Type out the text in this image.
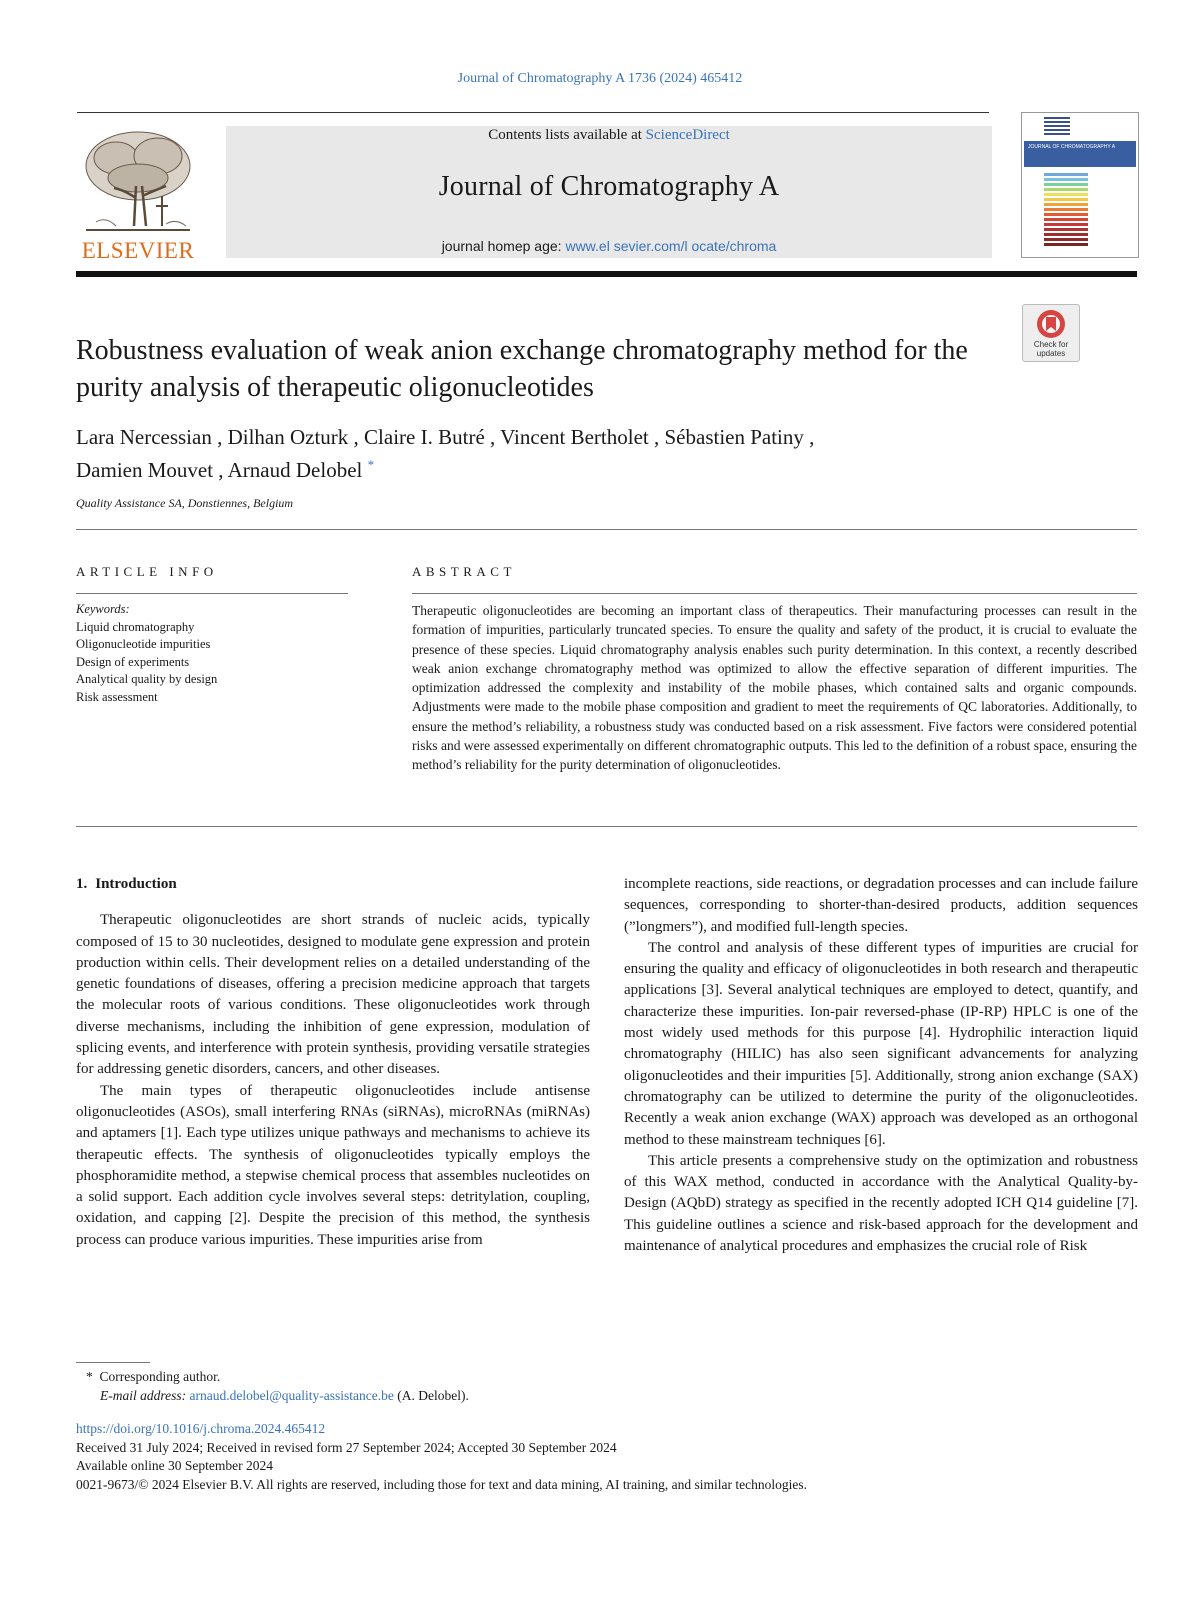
Journal of Chromatography A 1736 (2024) 465412
ELSEVIER
Contents lists available at ScienceDirect
Journal of Chromatography A
journal homep age: www.el sevier.com/l ocate/chroma
JOURNAL OF CHROMATOGRAPHY A
Check for updates
Robustness evaluation of weak anion exchange chromatography method for the purity analysis of therapeutic oligonucleotides
Lara Nercessian , Dilhan Ozturk , Claire I. Butré , Vincent Bertholet , Sébastien Patiny ,
Damien Mouvet , Arnaud Delobel *
Quality Assistance SA, Donstiennes, Belgium
ARTICLE INFO	ABSTRACT
Keywords:
Liquid chromatography
Oligonucleotide impurities
Design of experiments
Analytical quality by design
Risk assessment

Therapeutic oligonucleotides are becoming an important class of therapeutics. Their manufacturing processes can result in the formation of impurities, particularly truncated species. To ensure the quality and safety of the product, it is crucial to evaluate the presence of these species. Liquid chromatography analysis enables such purity determination. In this context, a recently described weak anion exchange chromatography method was optimized to allow the effective separation of different impurities. The optimization addressed the complexity and instability of the mobile phases, which contained salts and organic compounds. Adjustments were made to the mobile phase composition and gradient to meet the requirements of QC laboratories. Additionally, to ensure the method’s reliability, a robustness study was conducted based on a risk assessment. Five factors were considered potential risks and were assessed experimentally on different chromatographic outputs. This led to the definition of a robust space, ensuring the method’s reliability for the purity determination of oligonucleotides.

1. Introduction

Therapeutic oligonucleotides are short strands of nucleic acids, typically composed of 15 to 30 nucleotides, designed to modulate gene expression and protein production within cells. Their development relies on a detailed understanding of the genetic foundations of diseases, offering a precision medicine approach that targets the molecular roots of various conditions. These oligonucleotides work through diverse mechanisms, including the inhibition of gene expression, modulation of splicing events, and interference with protein synthesis, providing versatile strategies for addressing genetic disorders, cancers, and other diseases.

The main types of therapeutic oligonucleotides include antisense oligonucleotides (ASOs), small interfering RNAs (siRNAs), microRNAs (miRNAs) and aptamers [1]. Each type utilizes unique pathways and mechanisms to achieve its therapeutic effects. The synthesis of oligonucleotides typically employs the phosphoramidite method, a stepwise chemical process that assembles nucleotides on a solid support. Each addition cycle involves several steps: detritylation, coupling, oxidation, and capping [2]. Despite the precision of this method, the synthesis process can produce various impurities. These impurities arise from

incomplete reactions, side reactions, or degradation processes and can include failure sequences, corresponding to shorter-than-desired products, addition sequences (”longmers”), and modified full-length species.

The control and analysis of these different types of impurities are crucial for ensuring the quality and efficacy of oligonucleotides in both research and therapeutic applications [3]. Several analytical techniques are employed to detect, quantify, and characterize these impurities. Ion-pair reversed-phase (IP-RP) HPLC is one of the most widely used methods for this purpose [4]. Hydrophilic interaction liquid chromatography (HILIC) has also seen significant advancements for analyzing oligonucleotides and their impurities [5]. Additionally, strong anion exchange (SAX) chromatography can be utilized to determine the purity of the oligonucleotides. Recently a weak anion exchange (WAX) approach was developed as an orthogonal method to these mainstream techniques [6].

This article presents a comprehensive study on the optimization and robustness of this WAX method, conducted in accordance with the Analytical Quality-by-Design (AQbD) strategy as specified in the recently adopted ICH Q14 guideline [7]. This guideline outlines a science and risk-based approach for the development and maintenance of analytical procedures and emphasizes the crucial role of Risk

* Corresponding author.
E-mail address: arnaud.delobel@quality-assistance.be (A. Delobel).
https://doi.org/10.1016/j.chroma.2024.465412
Received 31 July 2024; Received in revised form 27 September 2024; Accepted 30 September 2024
Available online 30 September 2024
0021-9673/© 2024 Elsevier B.V. All rights are reserved, including those for text and data mining, AI training, and similar technologies.
